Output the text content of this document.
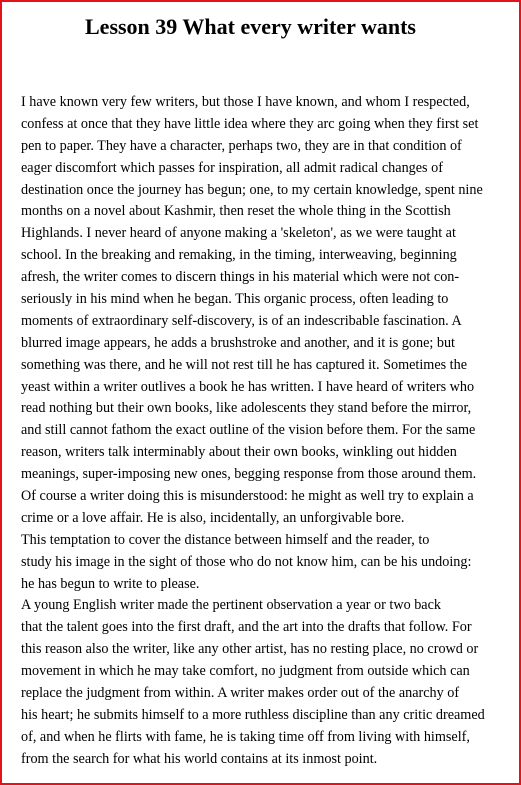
Lesson 39 What every writer wants
I have known very few writers, but those I have known, and whom I respected,
confess at once that they have little idea where they arc going when they first set
pen to paper. They have a character, perhaps two, they are in that condition of
eager discomfort which passes for inspiration, all admit radical changes of
destination once the journey has begun; one, to my certain knowledge, spent nine
months on a novel about Kashmir, then reset the whole thing in the Scottish
Highlands. I never heard of anyone making a 'skeleton', as we were taught at
school. In the breaking and remaking, in the timing, interweaving, beginning
afresh, the writer comes to discern things in his material which were not con-
seriously in his mind when he began. This organic process, often leading to
moments of extraordinary self-discovery, is of an indescribable fascination. A
blurred image appears, he adds a brushstroke and another, and it is gone; but
something was there, and he will not rest till he has captured it. Sometimes the
yeast within a writer outlives a book he has written. I have heard of writers who
read nothing but their own books, like adolescents they stand before the mirror,
and still cannot fathom the exact outline of the vision before them. For the same
reason, writers talk interminably about their own books, winkling out hidden
meanings, super-imposing new ones, begging response from those around them.
Of course a writer doing this is misunderstood: he might as well try to explain a
crime or a love affair. He is also, incidentally, an unforgivable bore.
This temptation to cover the distance between himself and the reader, to
study his image in the sight of those who do not know him, can be his undoing:
he has begun to write to please.
A young English writer made the pertinent observation a year or two back
that the talent goes into the first draft, and the art into the drafts that follow. For
this reason also the writer, like any other artist, has no resting place, no crowd or
movement in which he may take comfort, no judgment from outside which can
replace the judgment from within. A writer makes order out of the anarchy of
his heart; he submits himself to a more ruthless discipline than any critic dreamed
of, and when he flirts with fame, he is taking time off from living with himself,
from the search for what his world contains at its inmost point.
